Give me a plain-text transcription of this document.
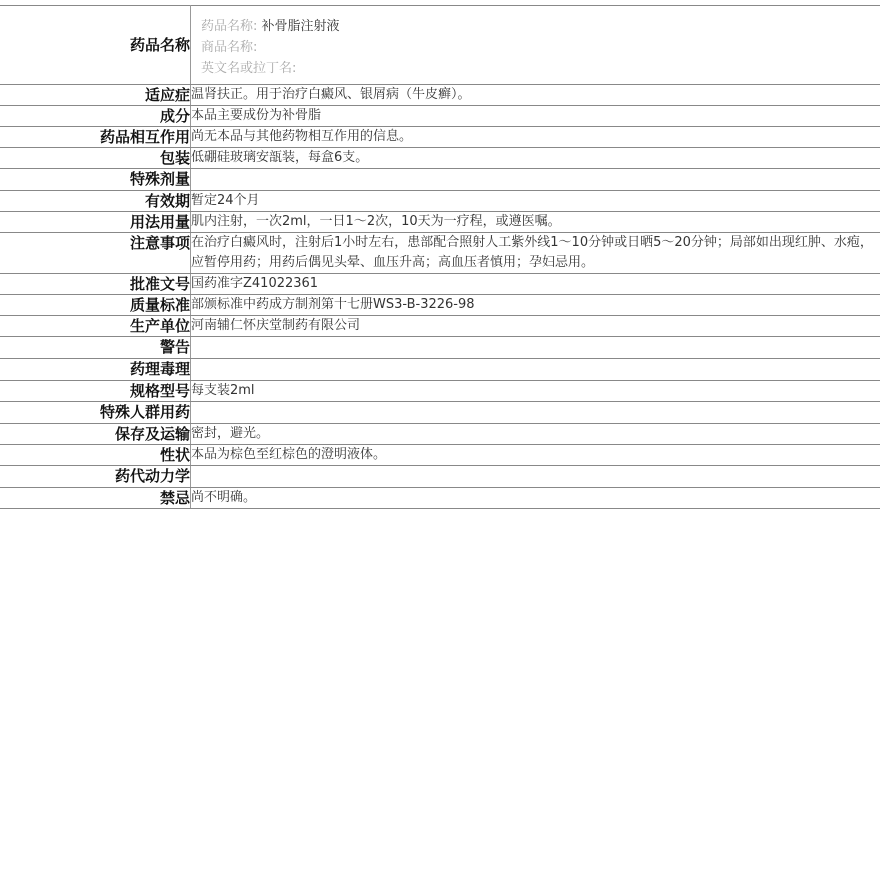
药品名称	药品名称: 补骨脂注射液
商品名称:
英文名或拉丁名:

适应症	温肾扶正。用于治疗白癜风、银屑病（牛皮癣）。
成分	本品主要成份为补骨脂
药品相互作用	尚无本品与其他药物相互作用的信息。
包装	低硼硅玻璃安瓿装，每盒6支。
特殊剂量	
有效期	暂定24个月
用法用量	肌内注射，一次2ml，一日1～2次，10天为一疗程，或遵医嘱。
注意事项	在治疗白癜风时，注射后1小时左右，患部配合照射人工紫外线1～10分钟或日晒5～20分钟；局部如出现红肿、水疱，应暂停用药；用药后偶见头晕、血压升高；高血压者慎用；孕妇忌用。
批准文号	国药准字Z41022361
质量标准	部颁标准中药成方制剂第十七册WS3-B-3226-98
生产单位	河南辅仁怀庆堂制药有限公司
警告	
药理毒理	
规格型号	每支装2ml
特殊人群用药	
保存及运输	密封，避光。
性状	本品为棕色至红棕色的澄明液体。
药代动力学	
禁忌	尚不明确。
